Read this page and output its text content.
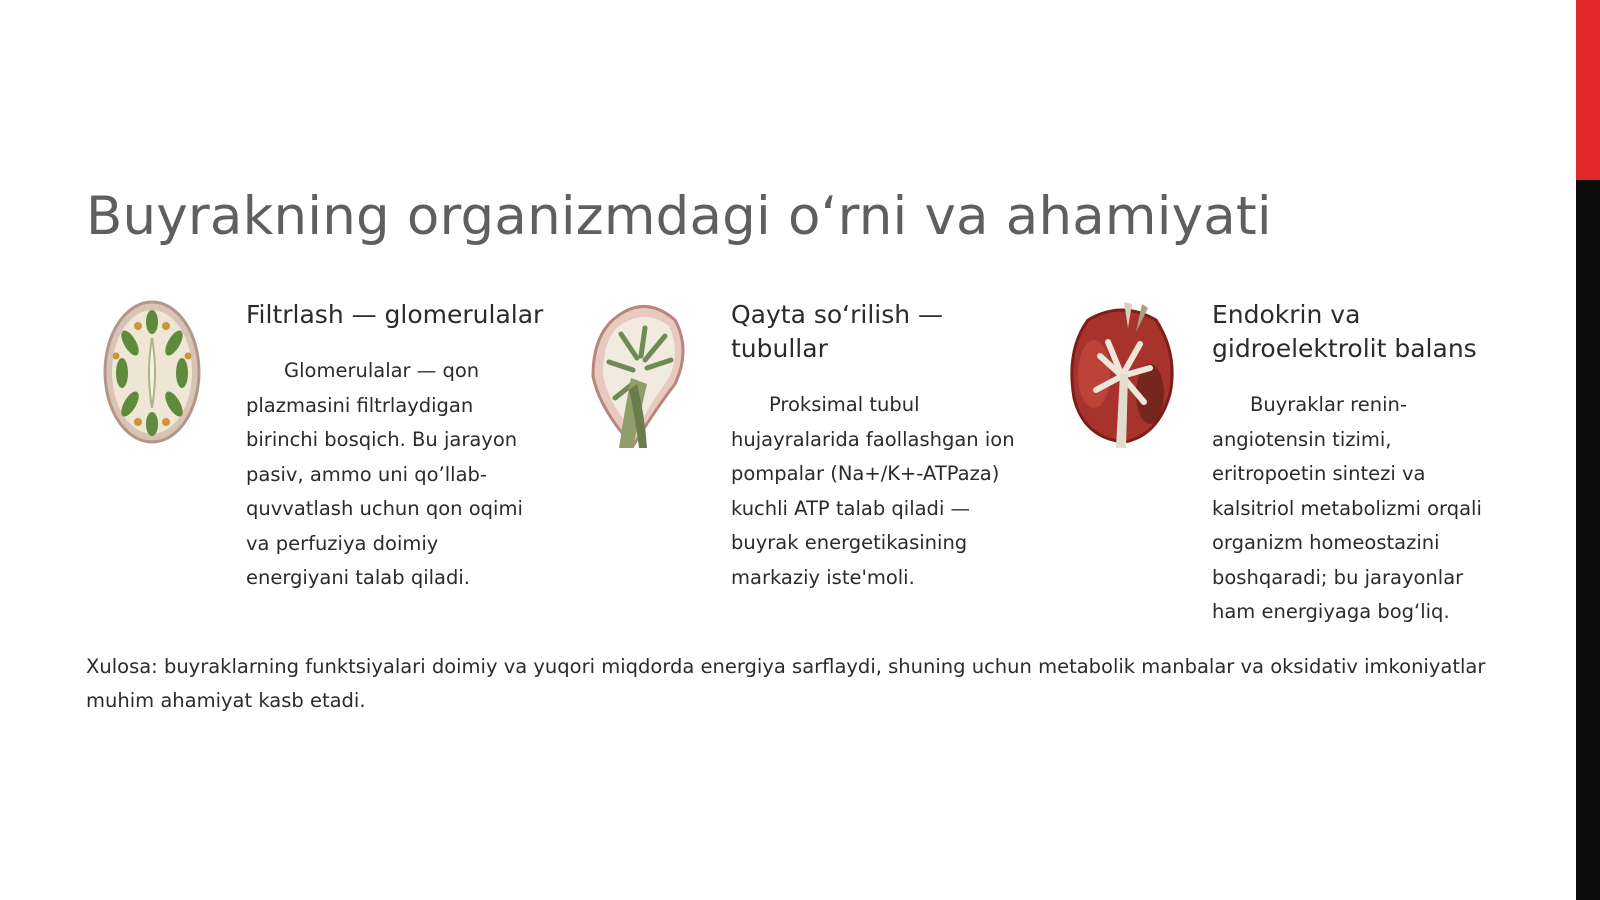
Buyrakning organizmdagi o‘rni va ahamiyati
Filtrlash — glomerulalar

Glomerulalar — qon plazmasini filtrlaydigan birinchi bosqich. Bu jarayon pasiv, ammo uni qo’llab-quvvatlash uchun qon oqimi va perfuziya doimiy energiyani talab qiladi.

Qayta so‘rilish — tubullar

Proksimal tubul hujayralarida faollashgan ion pompalar (Na+/K+-ATPaza) kuchli ATP talab qiladi — buyrak energetikasining markaziy iste'moli.

Endokrin va gidroelektrolit balans

Buyraklar renin-angiotensin tizimi, eritropoetin sintezi va kalsitriol metabolizmi orqali organizm homeostazini boshqaradi; bu jarayonlar ham energiyaga bog‘liq.

Xulosa: buyraklarning funktsiyalari doimiy va yuqori miqdorda energiya sarflaydi, shuning uchun metabolik manbalar va oksidativ imkoniyatlar muhim ahamiyat kasb etadi.
